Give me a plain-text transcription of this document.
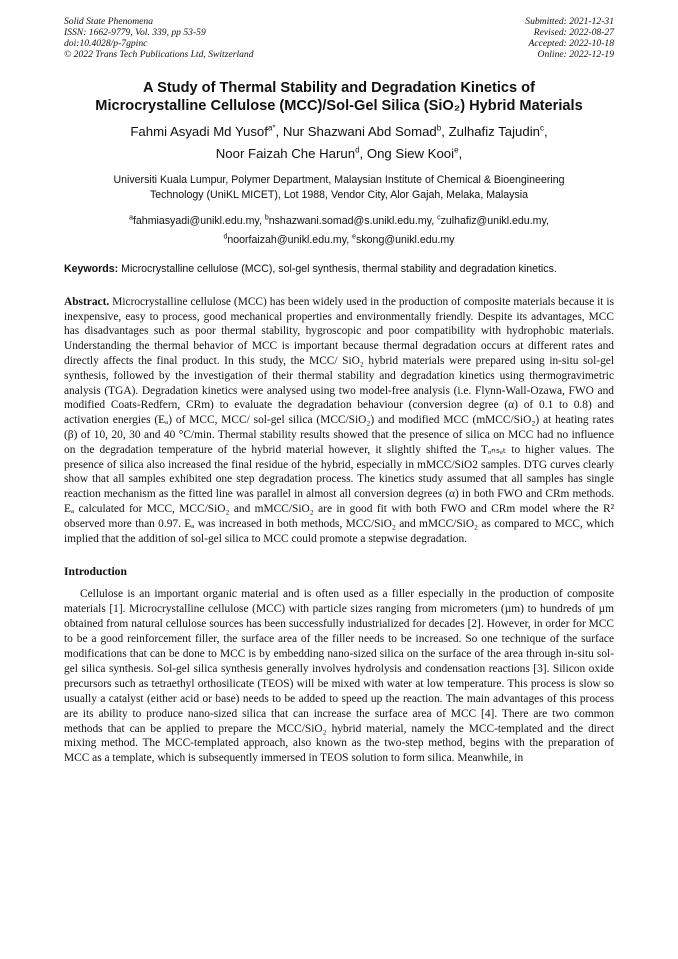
Solid State Phenomena
ISSN: 1662-9779, Vol. 339, pp 53-59
doi:10.4028/p-7gpinc
© 2022 Trans Tech Publications Ltd, Switzerland
Submitted: 2021-12-31
Revised: 2022-08-27
Accepted: 2022-10-18
Online: 2022-12-19
A Study of Thermal Stability and Degradation Kinetics of
Microcrystalline Cellulose (MCC)/Sol-Gel Silica (SiO₂) Hybrid Materials
Fahmi Asyadi Md Yusof$^{a*}$, Nur Shazwani Abd Somad$^b$, Zulhafiz Tajudin$^c$,
Noor Faizah Che Harun$^d$, Ong Siew Kooi$^e$,
Universiti Kuala Lumpur, Polymer Department, Malaysian Institute of Chemical & Bioengineering
Technology (UniKL MICET), Lot 1988, Vendor City, Alor Gajah, Melaka, Malaysia
$^a$fahmiasyadi@unikl.edu.my, $^b$nshazwani.somad@s.unikl.edu.my, $^c$zulhafiz@unikl.edu.my,
$^d$noorfaizah@unikl.edu.my, $^e$skong@unikl.edu.my
Keywords: Microcrystalline cellulose (MCC), sol-gel synthesis, thermal stability and degradation kinetics.
Abstract. Microcrystalline cellulose (MCC) has been widely used in the production of composite materials because it is inexpensive, easy to process, good mechanical properties and environmentally friendly. Despite its advantages, MCC has disadvantages such as poor thermal stability, hygroscopic and poor compatibility with hydrophobic materials. Understanding the thermal behavior of MCC is important because thermal degradation occurs at different rates and directly affects the final product. In this study, the MCC/ SiO₂ hybrid materials were prepared using in-situ sol-gel synthesis, followed by the investigation of their thermal stability and degradation kinetics using thermogravimetric analysis (TGA). Degradation kinetics were analysed using two model-free analysis (i.e. Flynn-Wall-Ozawa, FWO and modified Coats-Redfern, CRm) to evaluate the degradation behaviour (conversion degree (α) of 0.1 to 0.8) and activation energies (Eₐ) of MCC, MCC/ sol-gel silica (MCC/SiO₂) and modified MCC (mMCC/SiO₂) at heating rates (β) of 10, 20, 30 and 40 °C/min. Thermal stability results showed that the presence of silica on MCC had no influence on the degradation temperature of the hybrid material however, it slightly shifted the Tₒₙₛₑₜ to higher values. The presence of silica also increased the final residue of the hybrid, especially in mMCC/SiO2 samples. DTG curves clearly show that all samples exhibited one step degradation process. The kinetics study assumed that all samples has single reaction mechanism as the fitted line was parallel in almost all conversion degrees (α) in both FWO and CRm methods. Eₐ calculated for MCC, MCC/SiO₂ and mMCC/SiO₂ are in good fit with both FWO and CRm model where the R² observed more than 0.97. Eₐ was increased in both methods, MCC/SiO₂ and mMCC/SiO₂ as compared to MCC, which implied that the addition of sol-gel silica to MCC could promote a stepwise degradation.
Introduction
Cellulose is an important organic material and is often used as a filler especially in the production of composite materials [1]. Microcrystalline cellulose (MCC) with particle sizes ranging from micrometers (µm) to hundreds of µm obtained from natural cellulose sources has been successfully industrialized for decades [2]. However, in order for MCC to be a good reinforcement filler, the surface area of the filler needs to be increased. So one technique of the surface modifications that can be done to MCC is by embedding nano-sized silica on the surface of the area through in-situ sol-gel silica synthesis. Sol-gel silica synthesis generally involves hydrolysis and condensation reactions [3]. Silicon oxide precursors such as tetraethyl orthosilicate (TEOS) will be mixed with water at low temperature. This process is slow so usually a catalyst (either acid or base) needs to be added to speed up the reaction. The main advantages of this process are its ability to produce nano-sized silica that can increase the surface area of MCC [4]. There are two common methods that can be applied to prepare the MCC/SiO₂ hybrid material, namely the MCC-templated and the direct mixing method. The MCC-templated approach, also known as the two-step method, begins with the preparation of MCC as a template, which is subsequently immersed in TEOS solution to form silica. Meanwhile, in
